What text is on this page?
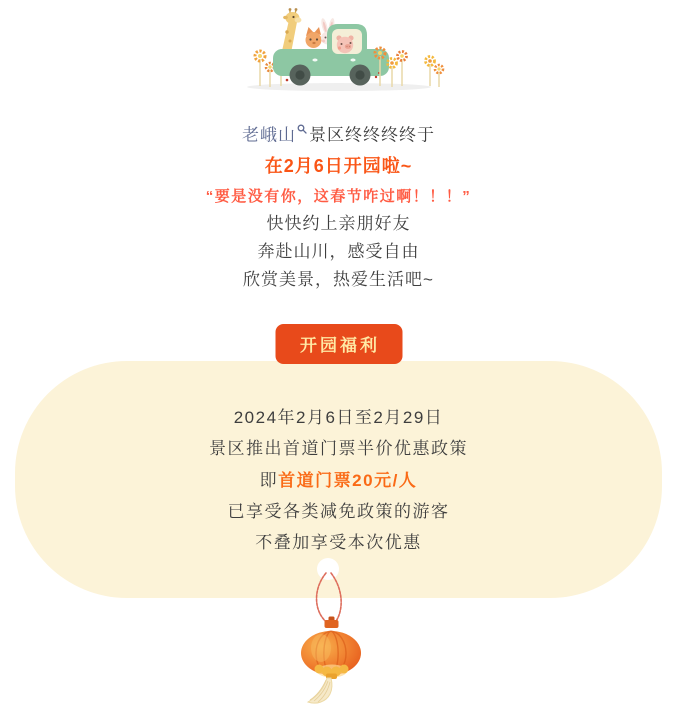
老峨山 景区终终终终于

在2月6日开园啦~

“要是没有你，这春节咋过啊！！！”

快快约上亲朋好友

奔赴山川，感受自由

欣赏美景，热爱生活吧~

开园福利

2024年2月6日至2月29日

景区推出首道门票半价优惠政策

即首道门票20元/人

已享受各类减免政策的游客

不叠加享受本次优惠
